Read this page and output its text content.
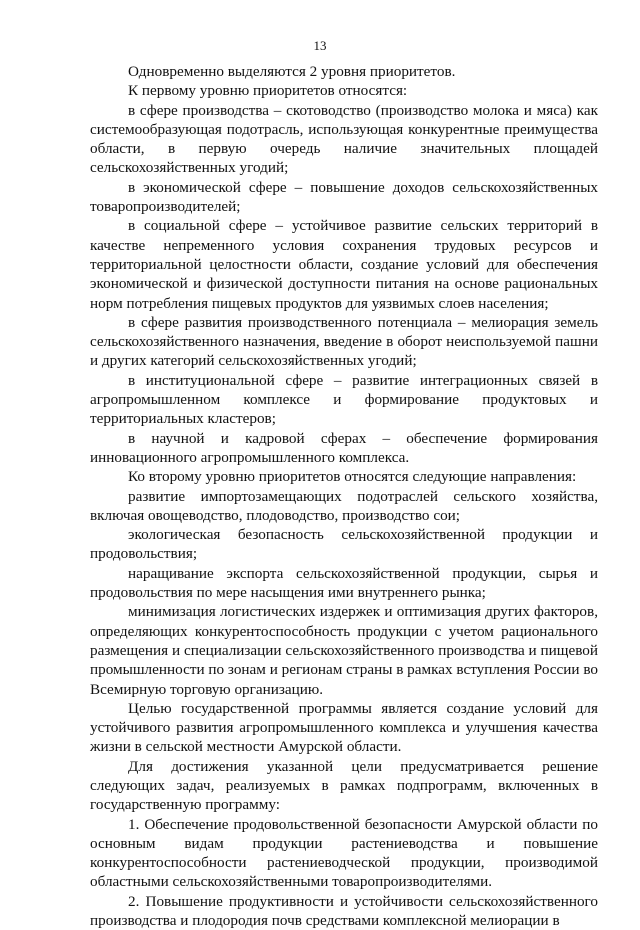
13

Одновременно выделяются 2 уровня приоритетов.

К первому уровню приоритетов относятся:

в сфере производства – скотоводство (производство молока и мяса) как системообразующая подотрасль, использующая конкурентные преимущества области, в первую очередь наличие значительных площадей сельскохозяйственных угодий;

в экономической сфере – повышение доходов сельскохозяйственных товаропроизводителей;

в социальной сфере – устойчивое развитие сельских территорий в качестве непременного условия сохранения трудовых ресурсов и территориальной целостности области, создание условий для обеспечения экономической и физической доступности питания на основе рациональных норм потребления пищевых продуктов для уязвимых слоев населения;

в сфере развития производственного потенциала – мелиорация земель сельскохозяйственного назначения, введение в оборот неиспользуемой пашни и других категорий сельскохозяйственных угодий;

в институциональной сфере – развитие интеграционных связей в агропромышленном комплексе и формирование продуктовых и территориальных кластеров;

в научной и кадровой сферах – обеспечение формирования инновационного агропромышленного комплекса.

Ко второму уровню приоритетов относятся следующие направления:

развитие импортозамещающих подотраслей сельского хозяйства, включая овощеводство, плодоводство, производство сои;

экологическая безопасность сельскохозяйственной продукции и продовольствия;

наращивание экспорта сельскохозяйственной продукции, сырья и продовольствия по мере насыщения ими внутреннего рынка;

минимизация логистических издержек и оптимизация других факторов, определяющих конкурентоспособность продукции с учетом рационального размещения и специализации сельскохозяйственного производства и пищевой промышленности по зонам и регионам страны в рамках вступления России во Всемирную торговую организацию.

Целью государственной программы является создание условий для устойчивого развития агропромышленного комплекса и улучшения качества жизни в сельской местности Амурской области.

Для достижения указанной цели предусматривается решение следующих задач, реализуемых в рамках подпрограмм, включенных в государственную программу:

1. Обеспечение продовольственной безопасности Амурской области по основным видам продукции растениеводства и повышение конкурентоспособности растениеводческой продукции, производимой областными сельскохозяйственными товаропроизводителями.

2. Повышение продуктивности и устойчивости сельскохозяйственного производства и плодородия почв средствами комплексной мелиорации в
